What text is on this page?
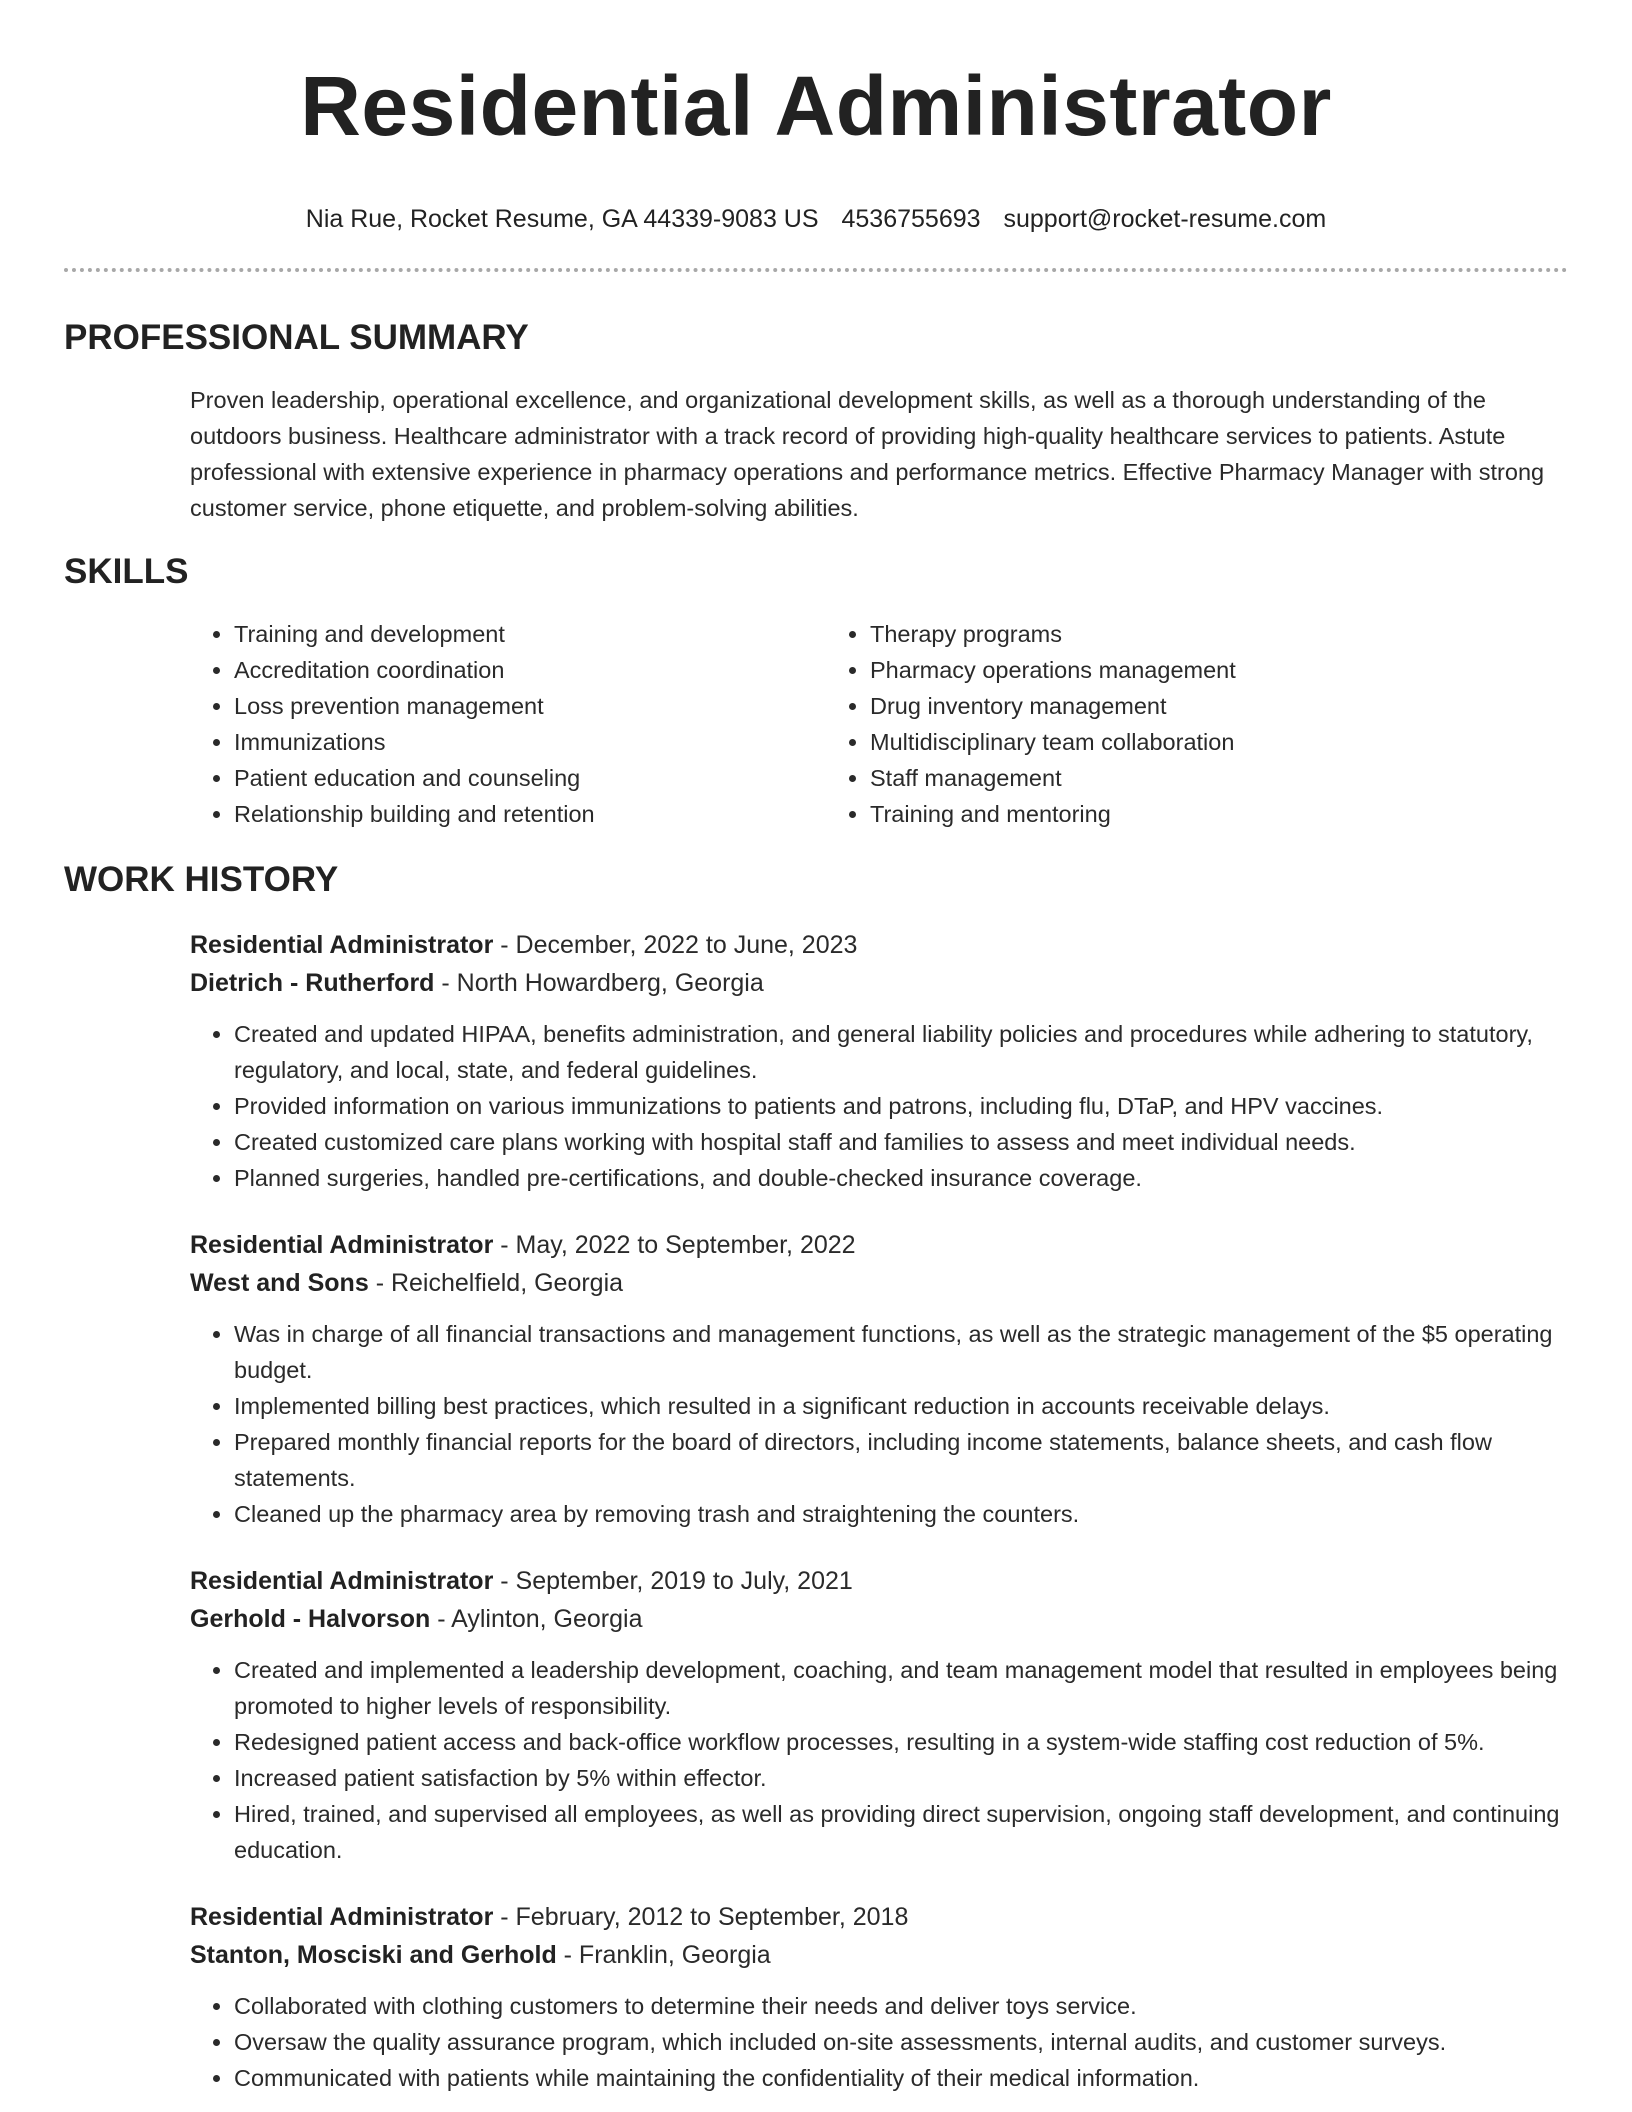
Residential Administrator
Nia Rue, Rocket Resume, GA 44339-9083 US 4536755693 support@rocket-resume.com
PROFESSIONAL SUMMARY

Proven leadership, operational excellence, and organizational development skills, as well as a thorough understanding of the outdoors business. Healthcare administrator with a track record of providing high-quality healthcare services to patients. Astute professional with extensive experience in pharmacy operations and performance metrics. Effective Pharmacy Manager with strong customer service, phone etiquette, and problem-solving abilities.

SKILLS
• Training and development
• Accreditation coordination
• Loss prevention management
• Immunizations
• Patient education and counseling
• Relationship building and retention
• Therapy programs
• Pharmacy operations management
• Drug inventory management
• Multidisciplinary team collaboration
• Staff management
• Training and mentoring
WORK HISTORY
Residential Administrator - December, 2022 to June, 2023
Dietrich - Rutherford - North Howardberg, Georgia
• Created and updated HIPAA, benefits administration, and general liability policies and procedures while adhering to statutory, regulatory, and local, state, and federal guidelines.
• Provided information on various immunizations to patients and patrons, including flu, DTaP, and HPV vaccines.
• Created customized care plans working with hospital staff and families to assess and meet individual needs.
• Planned surgeries, handled pre-certifications, and double-checked insurance coverage.
Residential Administrator - May, 2022 to September, 2022
West and Sons - Reichelfield, Georgia
• Was in charge of all financial transactions and management functions, as well as the strategic management of the $5 operating budget.
• Implemented billing best practices, which resulted in a significant reduction in accounts receivable delays.
• Prepared monthly financial reports for the board of directors, including income statements, balance sheets, and cash flow statements.
• Cleaned up the pharmacy area by removing trash and straightening the counters.
Residential Administrator - September, 2019 to July, 2021
Gerhold - Halvorson - Aylinton, Georgia
• Created and implemented a leadership development, coaching, and team management model that resulted in employees being promoted to higher levels of responsibility.
• Redesigned patient access and back-office workflow processes, resulting in a system-wide staffing cost reduction of 5%.
• Increased patient satisfaction by 5% within effector.
• Hired, trained, and supervised all employees, as well as providing direct supervision, ongoing staff development, and continuing education.
Residential Administrator - February, 2012 to September, 2018
Stanton, Mosciski and Gerhold - Franklin, Georgia
• Collaborated with clothing customers to determine their needs and deliver toys service.
• Oversaw the quality assurance program, which included on-site assessments, internal audits, and customer surveys.
• Communicated with patients while maintaining the confidentiality of their medical information.
